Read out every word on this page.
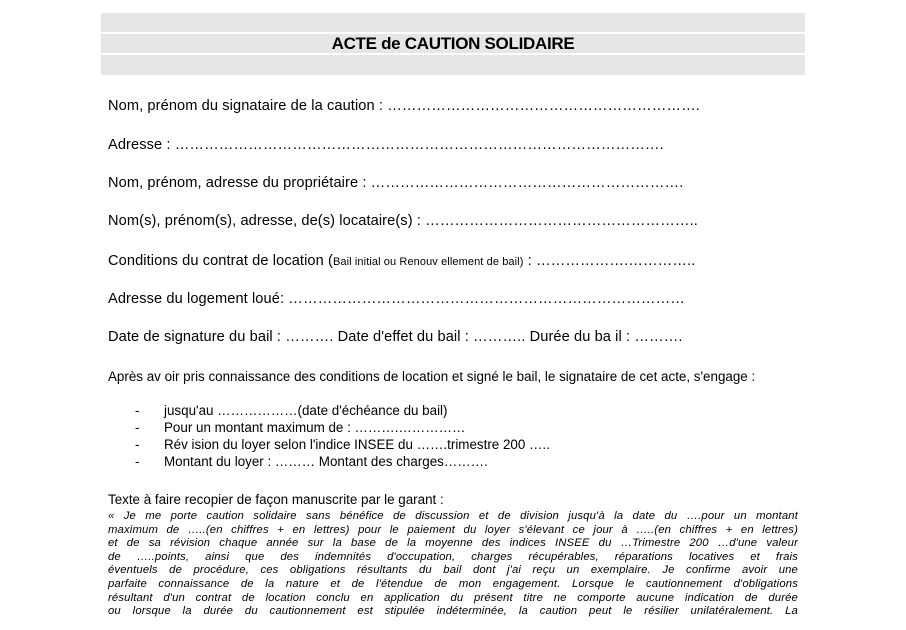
ACTE de CAUTION SOLIDAIRE
Nom, prénom du signataire de la caution : ……………………………………………………….
Adresse : ……………………………………………………………………………………….
Nom, prénom, adresse du propriétaire : ……………………………………………………….
Nom(s), prénom(s), adresse, de(s) locataire(s) : ………………………………………………..
Conditions du contrat de location (Bail initial ou Renouv ellement de bail) : ……………….…………..
Adresse du logement loué: ………………………………………………………………………
Date de signature du bail : ………. Date d'effet du bail : ……….. Durée du ba il : ……….
Après av oir pris connaissance des conditions de location et signé le bail, le signataire de cet acte, s'engage :
- jusqu'au ………………(date d'échéance du bail)
- Pour un montant maximum de : ……….……………
- Rév ision du loyer selon l'indice INSEE du …….trimestre 200 …..
- Montant du loyer : ……… Montant des charges……….
Texte à faire recopier de façon manuscrite par le garant :

« Je me porte caution solidaire sans bénéfice de discussion et de division jusqu'à la date du ….pour un montant

maximum de …..(en chiffres + en lettres) pour le paiement du loyer s'élevant ce jour à …..(en chiffres + en lettres)

et de sa révision chaque année sur la base de la moyenne des indices INSEE du …Trimestre 200 …d'une valeur

de …..points, ainsi que des indemnités d'occupation, charges récupérables, réparations locatives et frais

éventuels de procédure, ces obligations résultants du bail dont j'ai reçu un exemplaire. Je confirme avoir une

parfaite connaissance de la nature et de l'étendue de mon engagement. Lorsque le cautionnement d'obligations

résultant d'un contrat de location conclu en application du présent titre ne comporte aucune indication de durée

ou lorsque la durée du cautionnement est stipulée indéterminée, la caution peut le résilier unilatéralement. La
